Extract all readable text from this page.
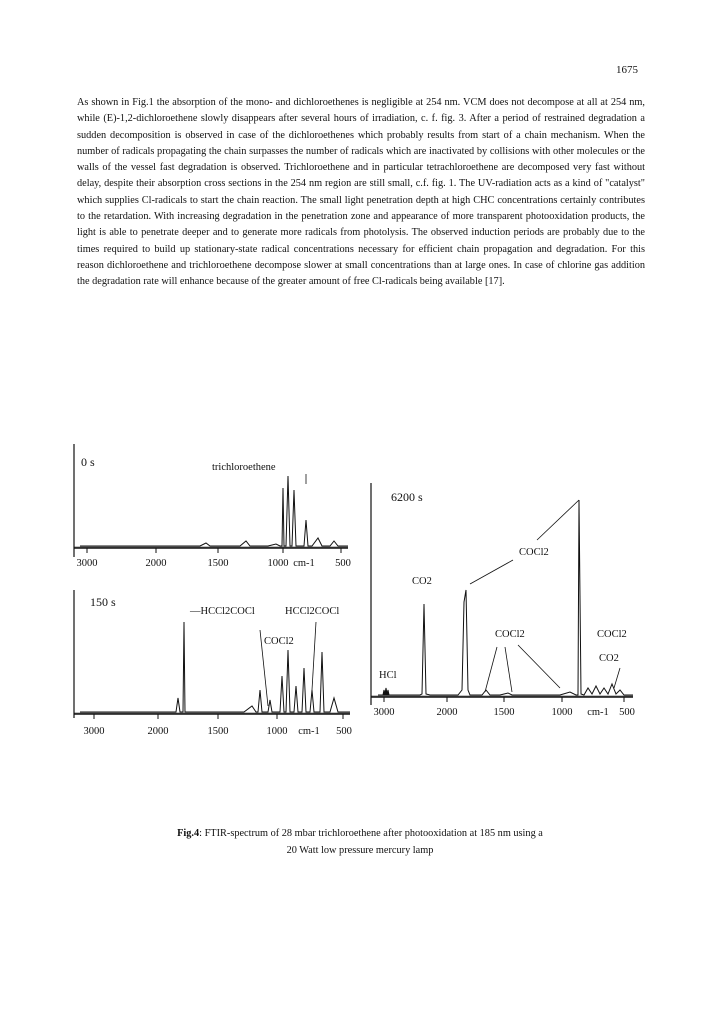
1675

As shown in Fig.1 the absorption of the mono- and dichloroethenes is negligible at 254 nm. VCM does not decompose at all at 254 nm, while (E)-1,2-dichloroethene slowly disappears after several hours of irradiation, c. f. fig. 3. After a period of restrained degradation a sudden decomposition is observed in case of the dichloroethenes which probably results from start of a chain mechanism. When the number of radicals propagating the chain surpasses the number of radicals which are inactivated by collisions with other molecules or the walls of the vessel fast degradation is observed. Trichloroethene and in particular tetrachloroethene are decomposed very fast without delay, despite their absorption cross sections in the 254 nm region are still small, c.f. fig. 1. The UV-radiation acts as a kind of "catalyst" which supplies Cl-radicals to start the chain reaction. The small light penetration depth at high CHC concentrations certainly contributes to the retardation. With increasing degradation in the penetration zone and appearance of more transparent photooxidation products, the light is able to penetrate deeper and to generate more radicals from photolysis. The observed induction periods are probably due to the times required to build up stationary-state radical concentrations necessary for efficient chain propagation and degradation. For this reason dichloroethene and trichloroethene decompose slower at small concentrations than at large ones. In case of chlorine gas addition the degradation rate will enhance because of the greater amount of free Cl-radicals being available [17].

0 s	trichloroethene
3000	2000	1500	1000 cm-1 500
150 s
—HCCl2COCl	HCCl2COCl
COCl2
3000	2000	1500	1000 cm-1 500
6200 s
COCl2
CO2
COCl2	COCl2
CO2
HCl
3000	2000	1500	1000 cm-1 500
Fig.4: FTIR-spectrum of 28 mbar trichloroethene after photooxidation at 185 nm using a
20 Watt low pressure mercury lamp
